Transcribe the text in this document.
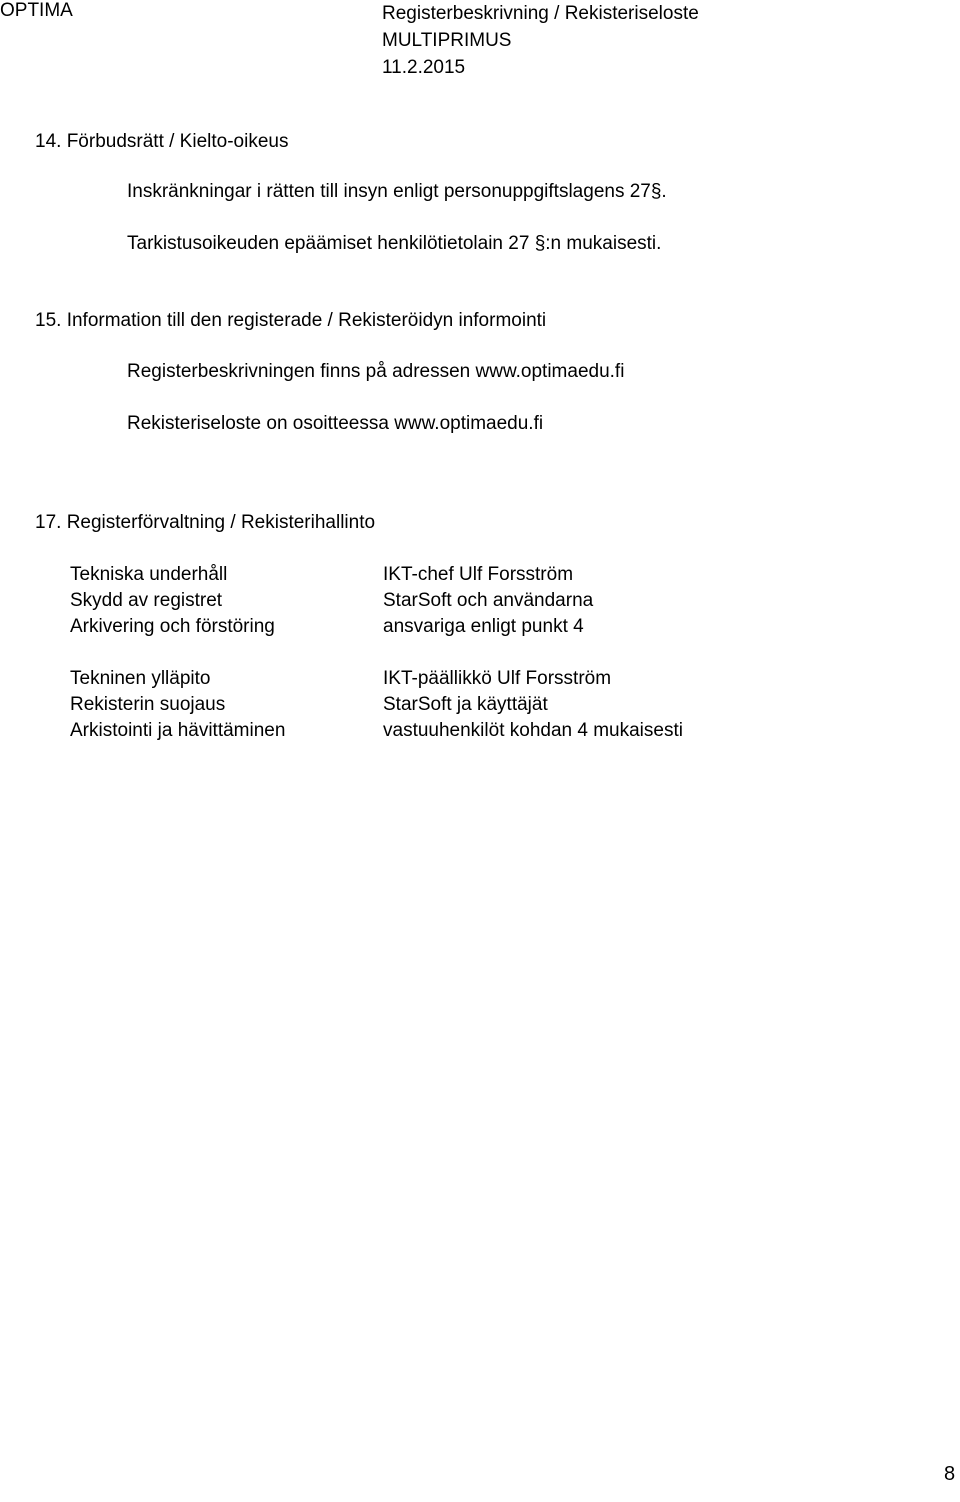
OPTIMA	Registerbeskrivning / Rekisteriseloste
MULTIPRIMUS
11.2.2015
14. Förbudsrätt / Kielto-oikeus
Inskränkningar i rätten till insyn enligt personuppgiftslagens 27§.
Tarkistusoikeuden epäämiset henkilötietolain 27 §:n mukaisesti.
15. Information till den registerade / Rekisteröidyn informointi
Registerbeskrivningen finns på adressen www.optimaedu.fi
Rekisteriseloste on osoitteessa www.optimaedu.fi
17. Registerförvaltning / Rekisterihallinto
Tekniska underhåll	IKT-chef Ulf Forsström
Skydd av registret	StarSoft och användarna
Arkivering och förstöring	ansvariga enligt punkt 4
Tekninen ylläpito	IKT-päällikkö Ulf Forsström
Rekisterin suojaus	StarSoft ja käyttäjät
Arkistointi ja hävittäminen	vastuuhenkilöt kohdan 4 mukaisesti
8
